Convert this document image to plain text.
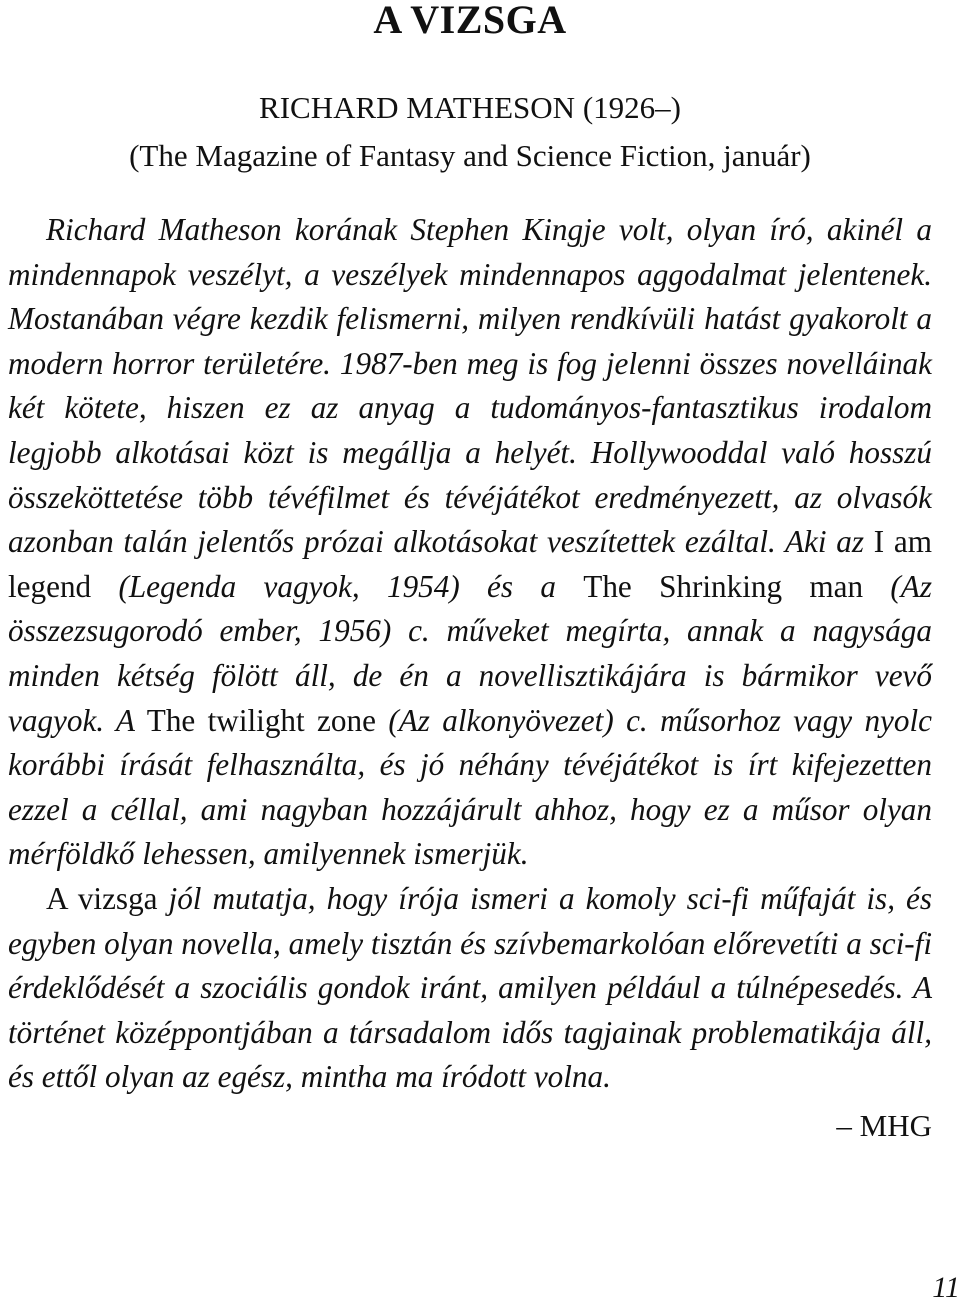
A VIZSGA

RICHARD MATHESON (1926–)

(The Magazine of Fantasy and Science Fiction, január)

Richard Matheson korának Stephen Kingje volt, olyan író, akinél a mindennapok veszélyt, a veszélyek mindennapos aggodalmat jelentenek. Mostanában végre kezdik felismerni, milyen rendkívüli hatást gyakorolt a modern horror területére. 1987-ben meg is fog jelenni összes novelláinak két kötete, hiszen ez az anyag a tudományos-fantasztikus irodalom legjobb alkotásai közt is megállja a helyét. Hollywooddal való hosszú összeköttetése több tévéfilmet és tévéjátékot eredményezett, az olvasók azonban talán jelentős prózai alkotásokat veszítettek ezáltal. Aki az I am legend (Legenda vagyok, 1954) és a The Shrinking man (Az összezsugorodó ember, 1956) c. műveket megírta, annak a nagysága minden kétség fölött áll, de én a novellisztikájára is bármikor vevő vagyok. A The twilight zone (Az alkonyövezet) c. műsorhoz vagy nyolc korábbi írását felhasználta, és jó néhány tévéjátékot is írt kifejezetten ezzel a céllal, ami nagyban hozzájárult ahhoz, hogy ez a műsor olyan mérföldkő lehessen, amilyennek ismerjük.

A vizsga jól mutatja, hogy írója ismeri a komoly sci-fi műfaját is, és egyben olyan novella, amely tisztán és szívbemarkolóan előrevetíti a sci-fi érdeklődését a szociális gondok iránt, amilyen például a túlnépesedés. A történet középpontjában a társadalom idős tagjainak problematikája áll, és ettől olyan az egész, mintha ma íródott volna.

– MHG

11
